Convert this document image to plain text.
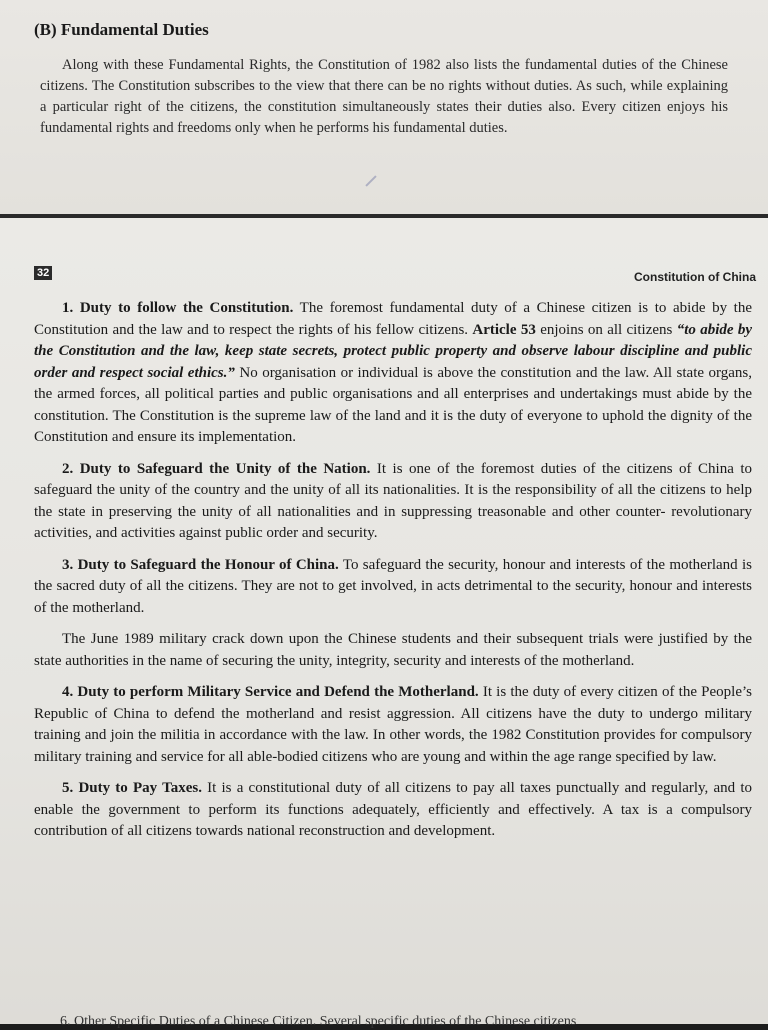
(B) Fundamental Duties

Along with these Fundamental Rights, the Constitution of 1982 also lists the fundamental duties of the Chinese citizens. The Constitution subscribes to the view that there can be no rights without duties. As such, while explaining a particular right of the citizens, the constitution simultaneously states their duties also. Every citizen enjoys his fundamental rights and freedoms only when he performs his fundamental duties.

32	Constitution of China

1. Duty to follow the Constitution. The foremost fundamental duty of a Chinese citizen is to abide by the Constitution and the law and to respect the rights of his fellow citizens. Article 53 enjoins on all citizens “to abide by the Constitution and the law, keep state secrets, protect public property and observe labour discipline and public order and respect social ethics.” No organisation or individual is above the constitution and the law. All state organs, the armed forces, all political parties and public organisations and all enterprises and undertakings must abide by the constitution. The Constitution is the supreme law of the land and it is the duty of everyone to uphold the dignity of the Constitution and ensure its implementation.

2. Duty to Safeguard the Unity of the Nation. It is one of the foremost duties of the citizens of China to safeguard the unity of the country and the unity of all its nationalities. It is the responsibility of all the citizens to help the state in preserving the unity of all nationalities and in suppressing treasonable and other counter- revolutionary activities, and activities against public order and security.

3. Duty to Safeguard the Honour of China. To safeguard the security, honour and interests of the motherland is the sacred duty of all the citizens. They are not to get involved, in acts detrimental to the security, honour and interests of the motherland.

The June 1989 military crack down upon the Chinese students and their subsequent trials were justified by the state authorities in the name of securing the unity, integrity, security and interests of the motherland.

4. Duty to perform Military Service and Defend the Motherland. It is the duty of every citizen of the People’s Republic of China to defend the motherland and resist aggression. All citizens have the duty to undergo military training and join the militia in accordance with the law. In other words, the 1982 Constitution provides for compulsory military training and service for all able-bodied citizens who are young and within the age range specified by law.

5. Duty to Pay Taxes. It is a constitutional duty of all citizens to pay all taxes punctually and regularly, and to enable the government to perform its functions adequately, efficiently and effectively. A tax is a compulsory contribution of all citizens towards national reconstruction and development.

6. Other Specific Duties of a Chinese Citizen. Several specific duties of the Chinese citizens
